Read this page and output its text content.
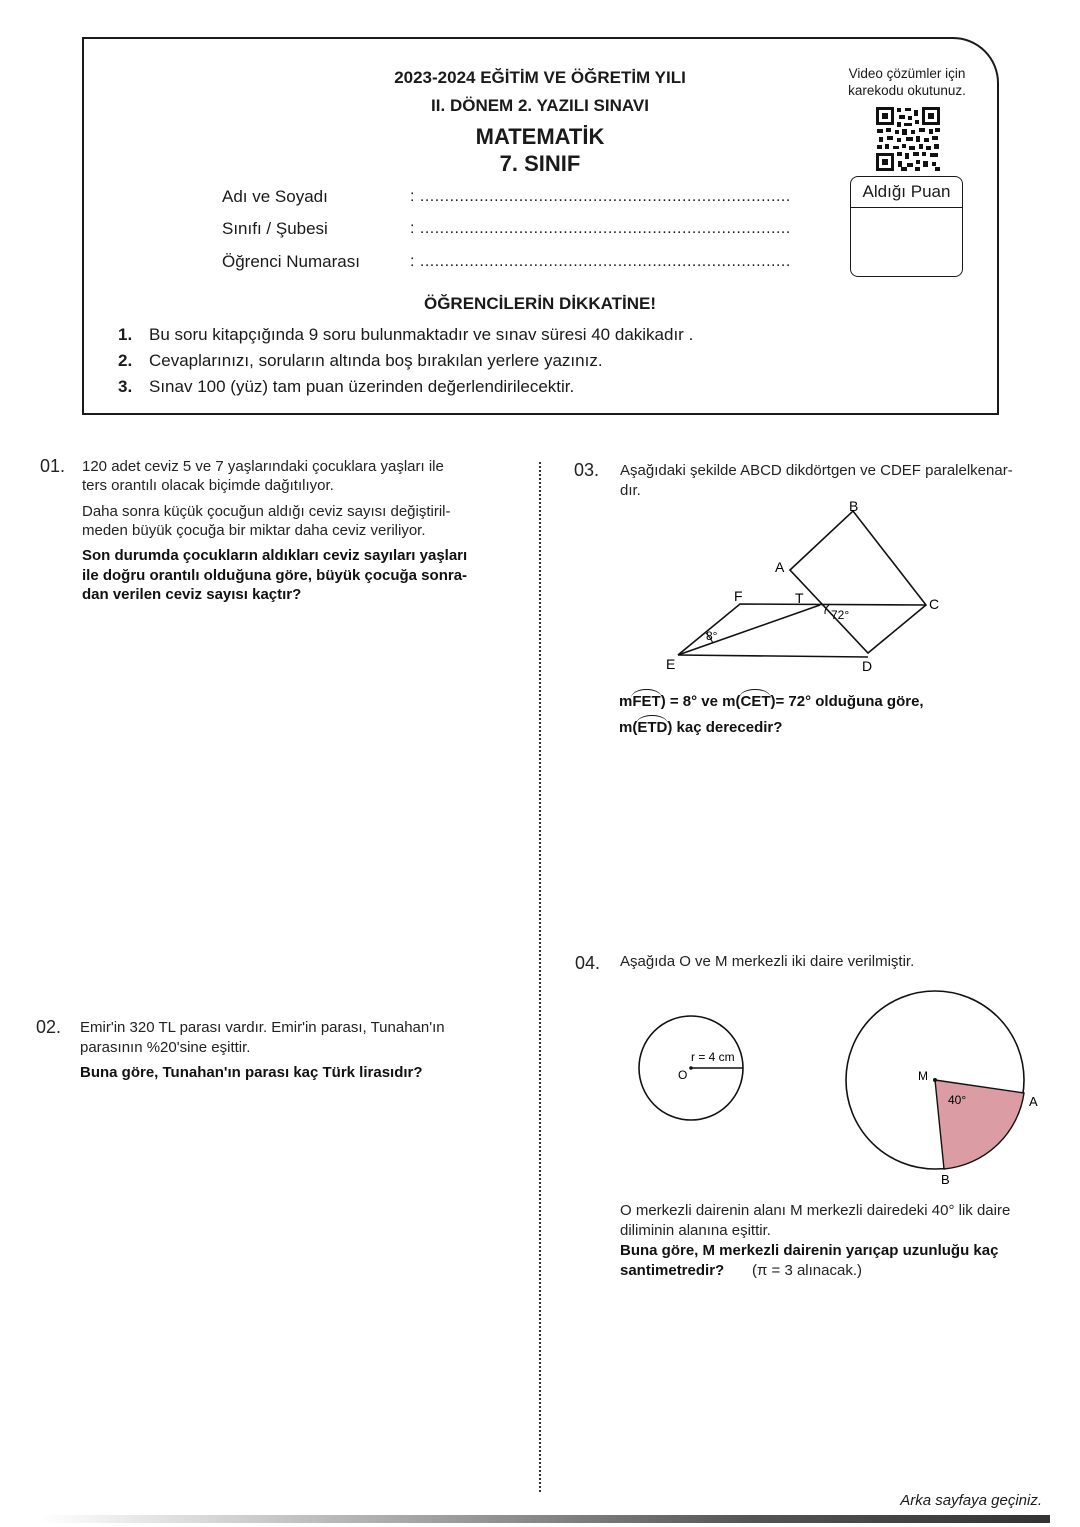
2023-2024 EĞİTİM VE ÖĞRETİM YILI
II. DÖNEM 2. YAZILI SINAVI
MATEMATİK
7. SINIF
Video çözümler için
karekodu okutunuz.
Aldığı Puan
Adı ve Soyadı	: ...........................................................................
Sınıfı / Şubesi	: ...........................................................................
Öğrenci Numarası	: ...........................................................................
ÖĞRENCİLERİN DİKKATİNE!
1. Bu soru kitapçığında 9 soru bulunmaktadır ve sınav süresi 40 dakikadır .
2. Cevaplarınızı, soruların altında boş bırakılan yerlere yazınız.
3. Sınav 100 (yüz) tam puan üzerinden değerlendirilecektir.
01. 120 adet ceviz 5 ve 7 yaşlarındaki çocuklara yaşları ile
ters orantılı olacak biçimde dağıtılıyor.
Daha sonra küçük çocuğun aldığı ceviz sayısı değiştiril-
meden büyük çocuğa bir miktar daha ceviz veriliyor.
Son durumda çocukların aldıkları ceviz sayıları yaşları
ile doğru orantılı olduğuna göre, büyük çocuğa sonra-
dan verilen ceviz sayısı kaçtır?
02. Emir'in 320 TL parası vardır. Emir'in parası, Tunahan'ın
parasının %20'sine eşittir.
Buna göre, Tunahan'ın parası kaç Türk lirasıdır?
03. Aşağıdaki şekilde ABCD dikdörtgen ve CDEF paralelkenar-
dır.
B
A
C
D
E
F	T
8°
72°
m
FET) = 8° ve m(
CET)= 72° olduğuna göre,
m(
ETD) kaç derecedir?
04. Aşağıda O ve M merkezli iki daire verilmiştir.
O
r = 4 cm
M
40°	A
B
O merkezli dairenin alanı M merkezli dairedeki 40° lik daire
diliminin alanına eşittir.
Buna göre, M merkezli dairenin yarıçap uzunluğu kaç
santimetredir? (π = 3 alınacak.)
Arka sayfaya geçiniz.
